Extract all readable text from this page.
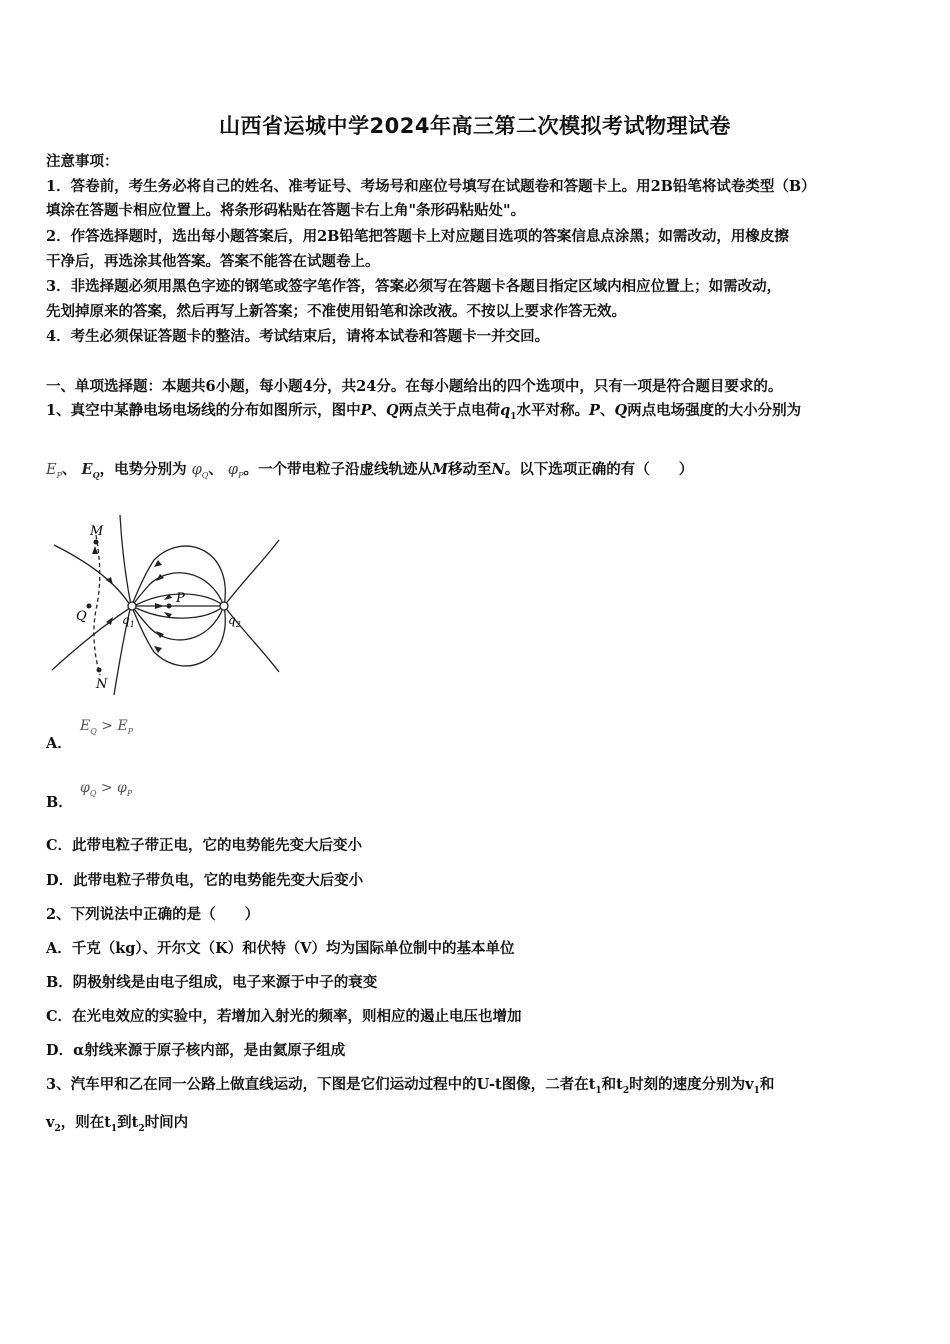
山西省运城中学2024年高三第二次模拟考试物理试卷
注意事项：
1．答卷前，考生务必将自己的姓名、准考证号、考场号和座位号填写在试题卷和答题卡上。用2B铅笔将试卷类型（B）
填涂在答题卡相应位置上。将条形码粘贴在答题卡右上角"条形码粘贴处"。
2．作答选择题时，选出每小题答案后，用2B铅笔把答题卡上对应题目选项的答案信息点涂黑；如需改动，用橡皮擦
干净后，再选涂其他答案。答案不能答在试题卷上。
3．非选择题必须用黑色字迹的钢笔或签字笔作答，答案必须写在答题卡各题目指定区域内相应位置上；如需改动，
先划掉原来的答案，然后再写上新答案；不准使用铅笔和涂改液。不按以上要求作答无效。
4．考生必须保证答题卡的整洁。考试结束后，请将本试卷和答题卡一并交回。
一、单项选择题：本题共6小题，每小题4分，共24分。在每小题给出的四个选项中，只有一项是符合题目要求的。
1、真空中某静电场电场线的分布如图所示，图中P、Q两点关于点电荷$q_1$水平对称。P、Q两点电场强度的大小分别为
$E_P$、 $E_Q$，电势分别为 $\varphi_Q$、 $\varphi_P$。一个带电粒子沿虚线轨迹从M移动至N。以下选项正确的有（　　）
M
Q
P
$q_1$	$q_2$
N
A．
$E_Q > E_P$
B．
$\varphi_Q > \varphi_P$
C．此带电粒子带正电，它的电势能先变大后变小
D．此带电粒子带负电，它的电势能先变大后变小
2、下列说法中正确的是（　　）
A．千克（kg）、开尔文（K）和伏特（V）均为国际单位制中的基本单位
B．阴极射线是由电子组成，电子来源于中子的衰变
C．在光电效应的实验中，若增加入射光的频率，则相应的遏止电压也增加
D．α射线来源于原子核内部，是由氦原子组成
3、汽车甲和乙在同一公路上做直线运动，下图是它们运动过程中的U-t图像，二者在$t_1$和$t_2$时刻的速度分别为$v_1$和
$v_2$，则在$t_1$到$t_2$时间内
